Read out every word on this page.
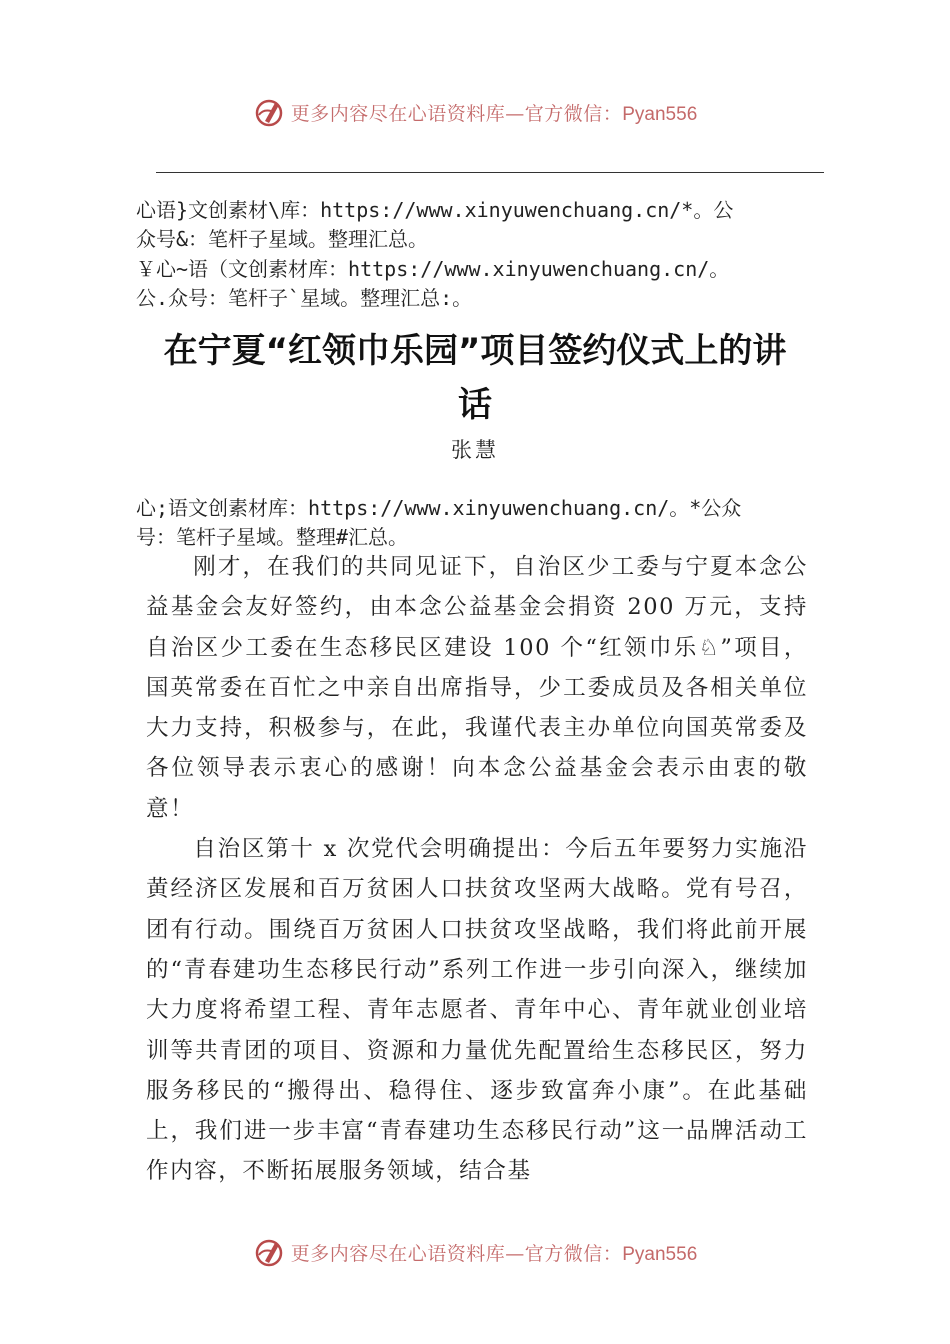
更多内容尽在心语资料库—官方微信：Pyan556
心语}文创素材\库：https://www.xinyuwenchuang.cn/*。公
众号&：笔杆子星域。整理汇总。
￥心~语（文创素材库：https://www.xinyuwenchuang.cn/。
公.众号：笔杆子`星域。整理汇总:。
在宁夏“红领巾乐园”项目签约仪式上的讲话
张慧
心;语文创素材库：https://www.xinyuwenchuang.cn/。*公众
号：笔杆子星域。整理#汇总。

刚才，在我们的共同见证下，自治区少工委与宁夏本念公益基金会友好签约，由本念公益基金会捐资 200 万元，支持自治区少工委在生态移民区建设 100 个“红领巾乐♘”项目，国英常委在百忙之中亲自出席指导，少工委成员及各相关单位大力支持，积极参与，在此，我谨代表主办单位向国英常委及各位领导表示衷心的感谢！向本念公益基金会表示由衷的敬意！

自治区第十 x 次党代会明确提出：今后五年要努力实施沿黄经济区发展和百万贫困人口扶贫攻坚两大战略。党有号召，团有行动。围绕百万贫困人口扶贫攻坚战略，我们将此前开展的“青春建功生态移民行动”系列工作进一步引向深入，继续加大力度将希望工程、青年志愿者、青年中心、青年就业创业培训等共青团的项目、资源和力量优先配置给生态移民区，努力服务移民的“搬得出、稳得住、逐步致富奔小康”。在此基础上，我们进一步丰富“青春建功生态移民行动”这一品牌活动工作内容，不断拓展服务领域，结合基

更多内容尽在心语资料库—官方微信：Pyan556
